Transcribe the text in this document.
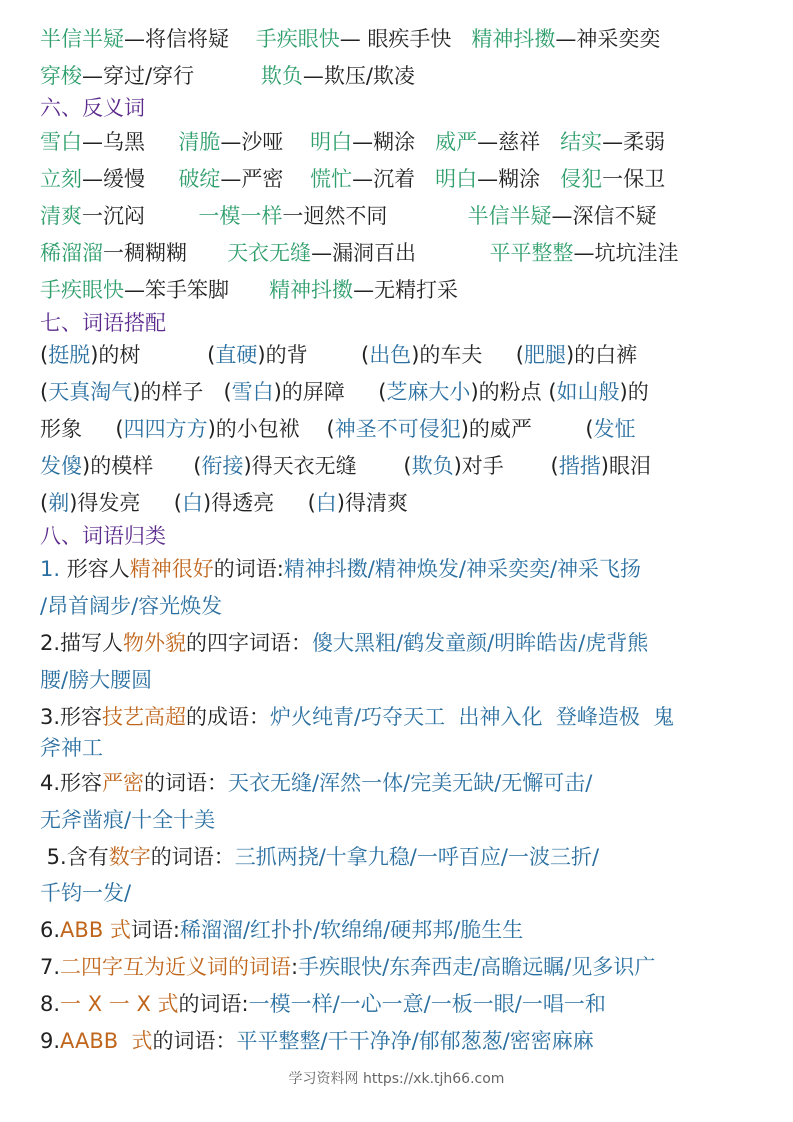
半信半疑—将信将疑 手疾眼快— 眼疾手快 精神抖擞—神采奕奕
穿梭—穿过/穿行	欺负—欺压/欺凌
六、反义词
雪白—乌黑 清脆—沙哑 明白—糊涂 威严—慈祥 结实—柔弱
立刻—缓慢 破绽—严密 慌忙—沉着 明白—糊涂 侵犯一保卫
清爽一沉闷	一模一样一迥然不同	半信半疑—深信不疑
稀溜溜一稠糊糊 天衣无缝—漏洞百出	平平整整—坑坑洼洼
手疾眼快—笨手笨脚 精神抖擞—无精打采
七、词语搭配
(挺脱)的树	(直硬)的背	(出色)的车夫 (肥腿)的白裤
(天真淘气)的样子 (雪白)的屏障 (芝麻大小)的粉点 (如山般)的
形象 (四四方方)的小包袱 (神圣不可侵犯)的威严	(发怔
发傻)的模样 (衔接)得天衣无缝 (欺负)对手 (揩揩)眼泪
(剃)得发亮 (白)得透亮 (白)得清爽
八、词语归类
1. 形容人精神很好的词语:精神抖擞/精神焕发/神采奕奕/神采飞扬
/昂首阔步/容光焕发
2.描写人物外貌的四字词语：傻大黑粗/鹤发童颜/明眸皓齿/虎背熊
腰/膀大腰圆
3.形容技艺高超的成语：炉火纯青/巧夺天工  出神入化  登峰造极  鬼
斧神工
4.形容严密的词语：天衣无缝/浑然一体/完美无缺/无懈可击/
无斧凿痕/十全十美
5.含有数字的词语：三抓两挠/十拿九稳/一呼百应/一波三折/
千钧一发/
6.ABB 式词语:稀溜溜/红扑扑/软绵绵/硬邦邦/脆生生
7.二四字互为近义词的词语:手疾眼快/东奔西走/高瞻远瞩/见多识广
8.一 X 一 X 式的词语:一模一样/一心一意/一板一眼/一唱一和
9.AABB  式的词语：平平整整/干干净净/郁郁葱葱/密密麻麻
学习资料网 https://xk.tjh66.com
